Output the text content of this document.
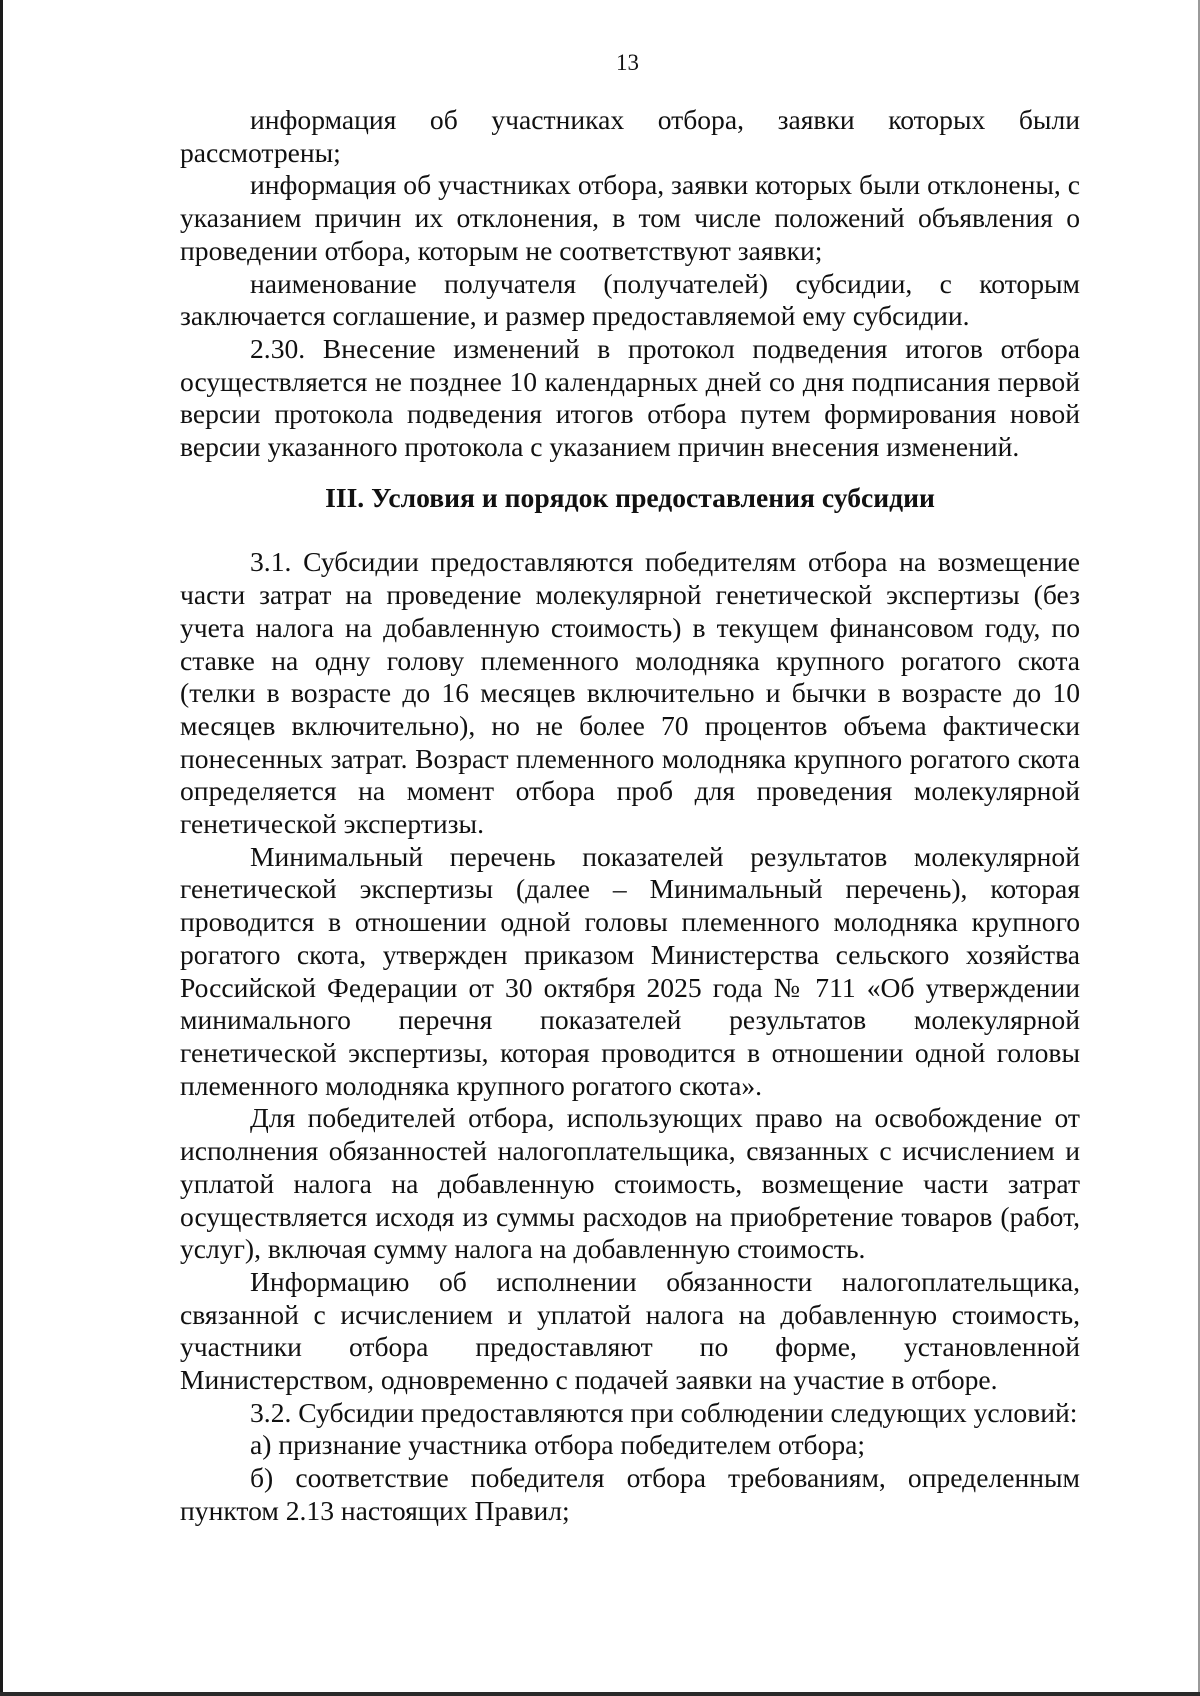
13

информация об участниках отбора, заявки которых были рассмотрены;

информация об участниках отбора, заявки которых были отклонены, с указанием причин их отклонения, в том числе положений объявления о проведении отбора, которым не соответствуют заявки;

наименование получателя (получателей) субсидии, с которым заключается соглашение, и размер предоставляемой ему субсидии.

2.30. Внесение изменений в протокол подведения итогов отбора осуществляется не позднее 10 календарных дней со дня подписания первой версии протокола подведения итогов отбора путем формирования новой версии указанного протокола с указанием причин внесения изменений.

III. Условия и порядок предоставления субсидии

3.1. Субсидии предоставляются победителям отбора на возмещение части затрат на проведение молекулярной генетической экспертизы (без учета налога на добавленную стоимость) в текущем финансовом году, по ставке на одну голову племенного молодняка крупного рогатого скота (телки в возрасте до 16 месяцев включительно и бычки в возрасте до 10 месяцев включительно), но не более 70 процентов объема фактически понесенных затрат. Возраст племенного молодняка крупного рогатого скота определяется на момент отбора проб для проведения молекулярной генетической экспертизы.

Минимальный перечень показателей результатов молекулярной генетической экспертизы (далее – Минимальный перечень), которая проводится в отношении одной головы племенного молодняка крупного рогатого скота, утвержден приказом Министерства сельского хозяйства Российской Федерации от 30 октября 2025 года № 711 «Об утверждении минимального перечня показателей результатов молекулярной генетической экспертизы, которая проводится в отношении одной головы племенного молодняка крупного рогатого скота».

Для победителей отбора, использующих право на освобождение от исполнения обязанностей налогоплательщика, связанных с исчислением и уплатой налога на добавленную стоимость, возмещение части затрат осуществляется исходя из суммы расходов на приобретение товаров (работ, услуг), включая сумму налога на добавленную стоимость.

Информацию об исполнении обязанности налогоплательщика, связанной с исчислением и уплатой налога на добавленную стоимость, участники отбора предоставляют по форме, установленной Министерством, одновременно с подачей заявки на участие в отборе.

3.2. Субсидии предоставляются при соблюдении следующих условий:

а) признание участника отбора победителем отбора;

б) соответствие победителя отбора требованиям, определенным пунктом 2.13 настоящих Правил;
